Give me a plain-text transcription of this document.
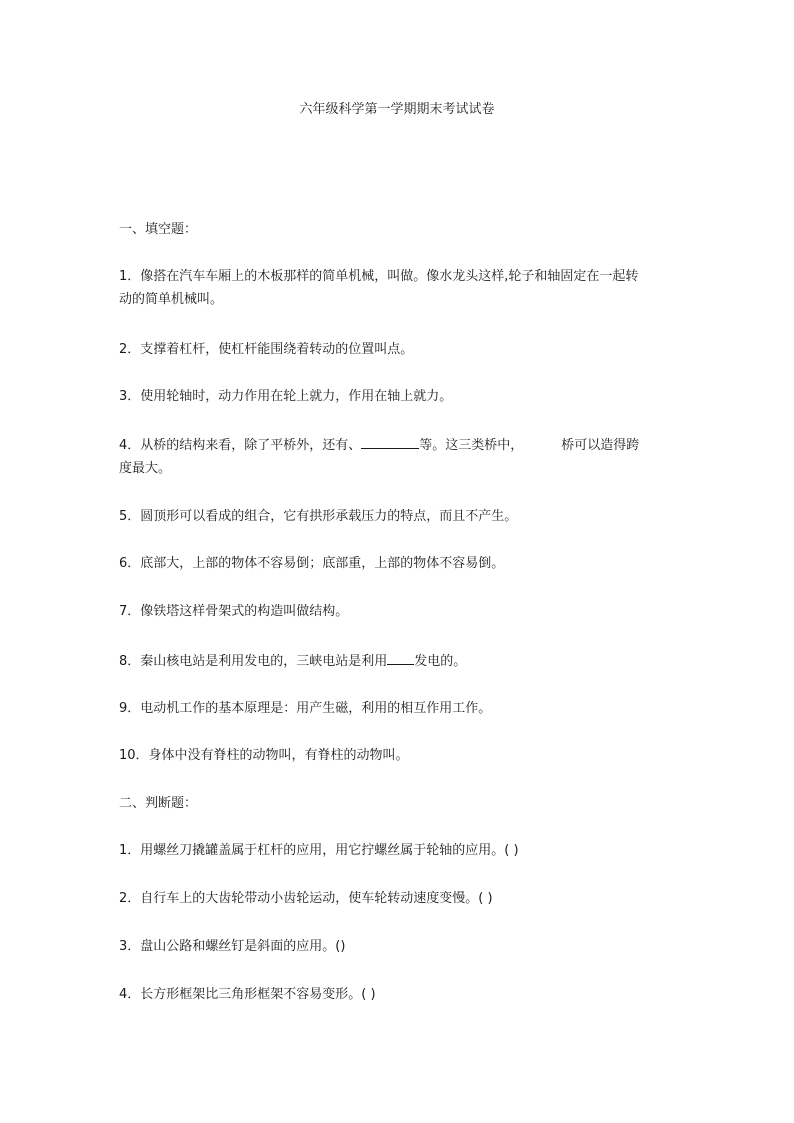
六年级科学第一学期期末考试试卷
一、填空题：
1．像搭在汽车车厢上的木板那样的简单机械，叫做。像水龙头这样,轮子和轴固定在一起转
动的简单机械叫。
2．支撑着杠杆，使杠杆能围绕着转动的位置叫点。
3．使用轮轴时，动力作用在轮上就力，作用在轴上就力。
4．从桥的结构来看，除了平桥外，还有、	等。这三类桥中，	桥可以造得跨
度最大。
5．圆顶形可以看成的组合，它有拱形承载压力的特点，而且不产生。
6．底部大，上部的物体不容易倒；底部重，上部的物体不容易倒。
7．像铁塔这样骨架式的构造叫做结构。
8．秦山核电站是利用发电的，三峡电站是利用 发电的。
9．电动机工作的基本原理是：用产生磁，利用的相互作用工作。
10．身体中没有脊柱的动物叫，有脊柱的动物叫。
二、判断题：
1．用螺丝刀撬罐盖属于杠杆的应用，用它拧螺丝属于轮轴的应用。( )
2．自行车上的大齿轮带动小齿轮运动，使车轮转动速度变慢。( )
3．盘山公路和螺丝钉是斜面的应用。()
4．长方形框架比三角形框架不容易变形。( )
